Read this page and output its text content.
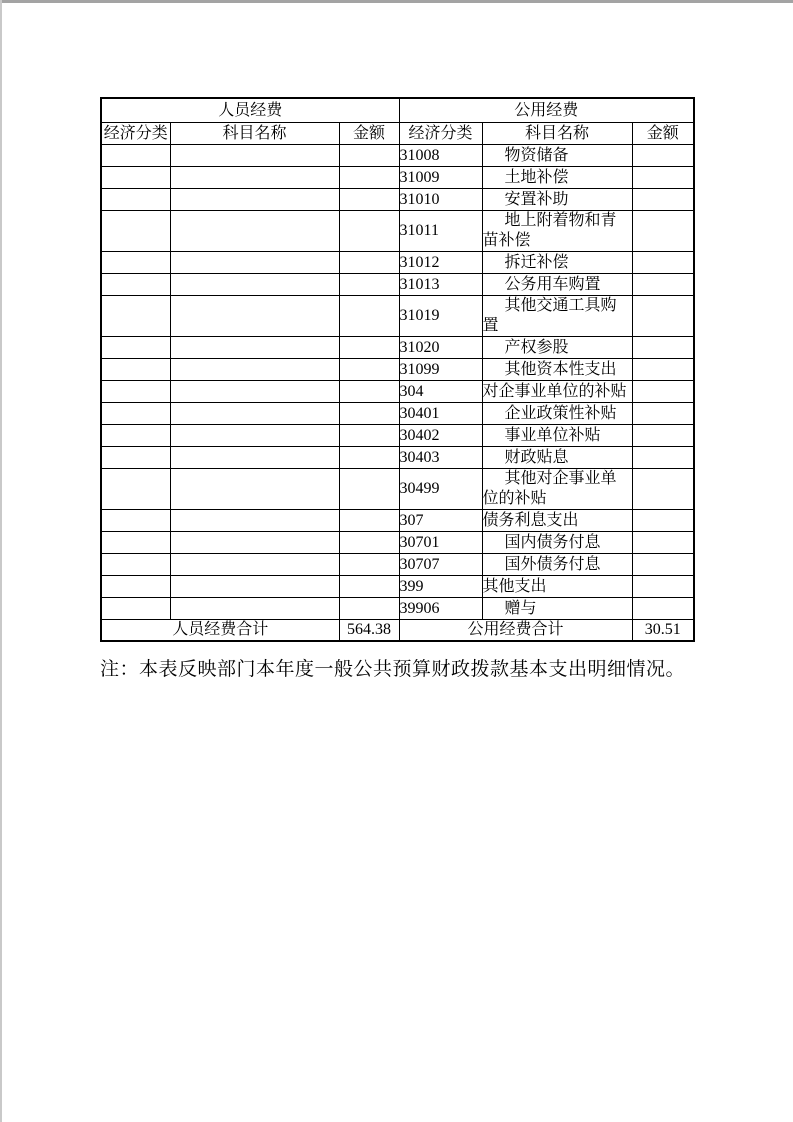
人员经费			公用经费		
经济分类	科目名称	金额	经济分类	科目名称	金额
			31008	物资储备	
			31009	土地补偿	
			31010	安置补助	
			31011	地上附着物和青苗补偿	
			31012	拆迁补偿	
			31013	公务用车购置	
			31019	其他交通工具购置	
			31020	产权参股	
			31099	其他资本性支出	
			304	对企事业单位的补贴	
			30401	企业政策性补贴	
			30402	事业单位补贴	
			30403	财政贴息	
			30499	其他对企事业单位的补贴	
			307	债务利息支出	
			30701	国内债务付息	
			30707	国外债务付息	
			399	其他支出	
			39906	赠与	
人员经费合计		564.38	公用经费合计		30.51
注：本表反映部门本年度一般公共预算财政拨款基本支出明细情况。
